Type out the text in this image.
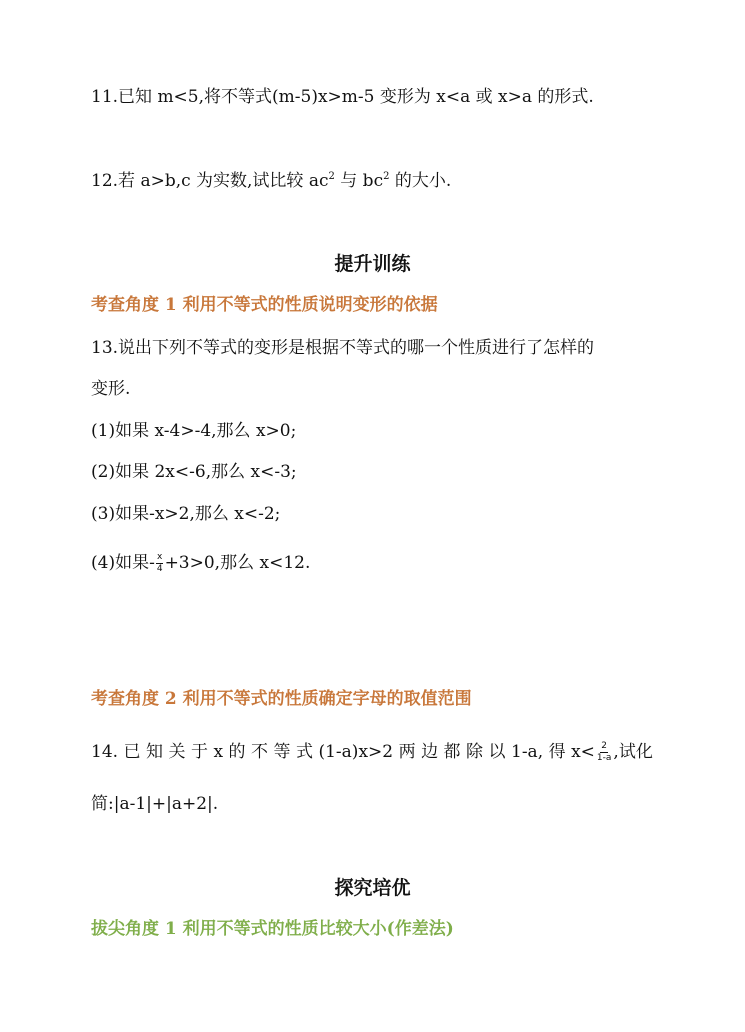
11.已知 m<5,将不等式(m-5)x>m-5 变形为 x<a 或 x>a 的形式.
12.若 a>b,c 为实数,试比较 $ac^2$ 与 $bc^2$ 的大小.
提升训练
考查角度 1 利用不等式的性质说明变形的依据
13.说出下列不等式的变形是根据不等式的哪一个性质进行了怎样的
变形.
(1)如果 x-4>-4,那么 x>0;
(2)如果 2x<-6,那么 x<-3;
(3)如果-x>2,那么 x<-2;
(4)如果- $\frac{x}{4} +3>0$,那么 x<12.
考查角度 2 利用不等式的性质确定字母的取值范围
14. 已 知 关 于 x 的 不 等 式 (1-a)x>2 两 边 都 除 以 1-a, 得 $x< \frac{2}{1-a}$ ,试化
简:|a-1|+|a+2|.
探究培优
拔尖角度 1 利用不等式的性质比较大小(作差法)
